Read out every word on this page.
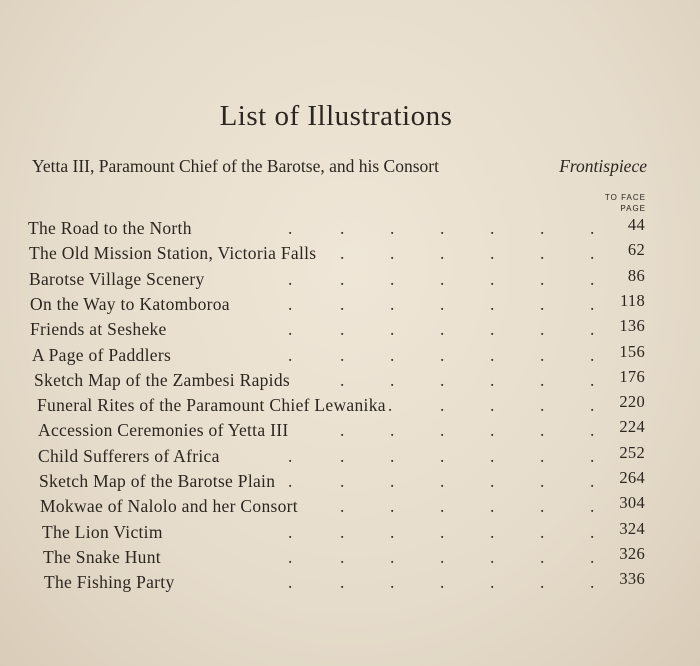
List of Illustrations
Yetta III, Paramount Chief of the Barotse, and his Consort	Frontispiece
TO FACE
PAGE
The Road to the North	44
.	.	.	.	.	.	.
The Old Mission Station, Victoria Falls	62
.	.	.	.	.	.
Barotse Village Scenery	86
.	.	.	.	.	.	.
On the Way to Katomboroa	118
.	.	.	.	.	.	.
Friends at Sesheke	136
.	.	.	.	.	.	.
A Page of Paddlers	156
.	.	.	.	.	.	.
Sketch Map of the Zambesi Rapids	176
.	.	.	.	.	.
Funeral Rites of the Paramount Chief Lewanika	220
.	.	.	.
.
Accession Ceremonies of Yetta III	224
.	.	.	.	.	.
Child Sufferers of Africa	252
.	.	.	.	.	.	.
Sketch Map of the Barotse Plain	264
.	.	.	.	.	.	.
Mokwae of Nalolo and her Consort	304
.	.	.	.	.	.
The Lion Victim	324
.	.	.	.	.	.	.
The Snake Hunt	326
.	.	.	.	.	.	.
The Fishing Party	336
.	.	.	.	.	.	.
